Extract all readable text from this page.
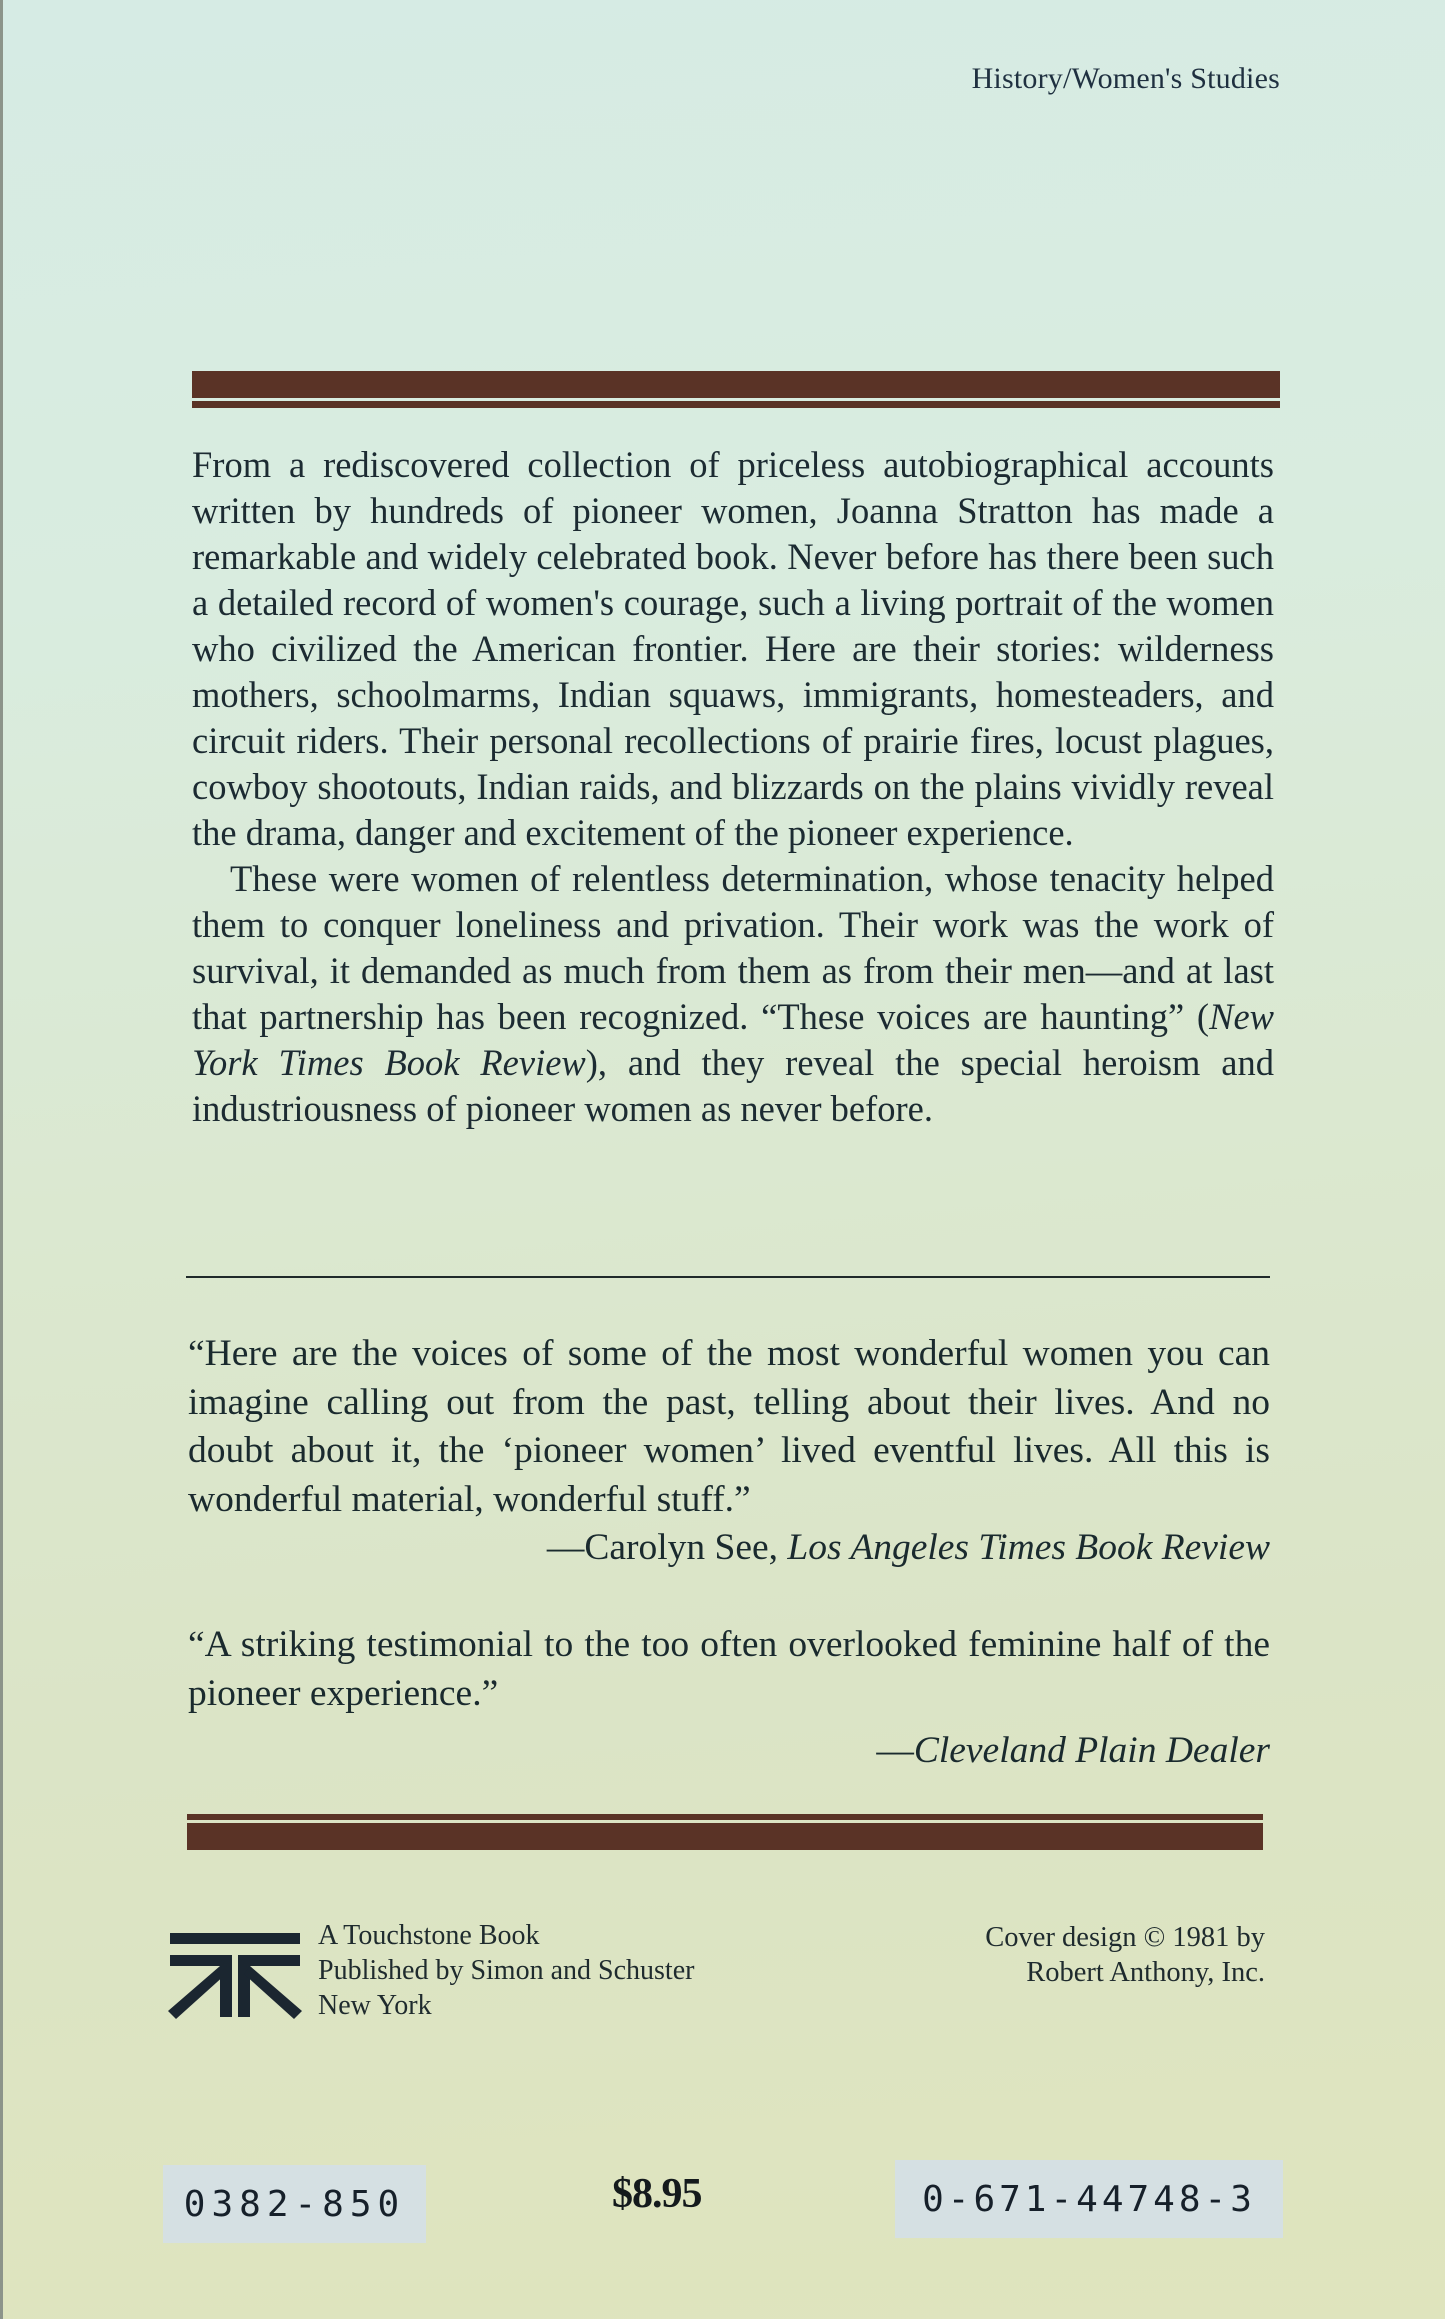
History/Women's Studies

From a rediscovered collection of priceless autobiographical accounts written by hundreds of pioneer women, Joanna Stratton has made a remarkable and widely celebrated book. Never before has there been such a detailed record of women's courage, such a living portrait of the women who civilized the American frontier. Here are their stories: wilderness mothers, schoolmarms, Indian squaws, immigrants, homesteaders, and circuit riders. Their personal recollections of prairie fires, locust plagues, cowboy shootouts, Indian raids, and blizzards on the plains vividly reveal the drama, danger and excitement of the pioneer experience.

These were women of relentless determination, whose tenacity helped them to conquer loneliness and privation. Their work was the work of survival, it demanded as much from them as from their men—and at last that partnership has been recognized. “These voices are haunting” (New York Times Book Review), and they reveal the special heroism and industriousness of pioneer women as never before.

“Here are the voices of some of the most wonderful women you can imagine calling out from the past, telling about their lives. And no doubt about it, the ‘pioneer women’ lived eventful lives. All this is wonderful material, wonderful stuff.”

—Carolyn See, Los Angeles Times Book Review

“A striking testimonial to the too often overlooked feminine half of the pioneer experience.”

—Cleveland Plain Dealer

A Touchstone Book
Published by Simon and Schuster
New York
Cover design © 1981 by
Robert Anthony, Inc.
0382-850	$8.95	0-671-44748-3
